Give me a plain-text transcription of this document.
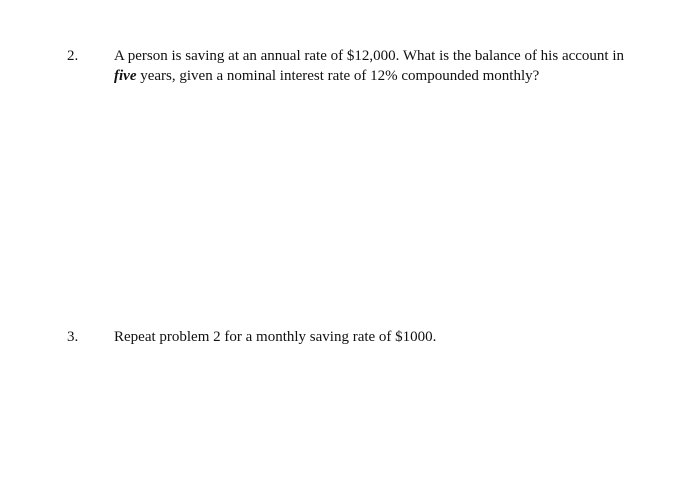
2. A person is saving at an annual rate of $12,000. What is the balance of his account in
five years, given a nominal interest rate of 12% compounded monthly?
3. Repeat problem 2 for a monthly saving rate of $1000.
